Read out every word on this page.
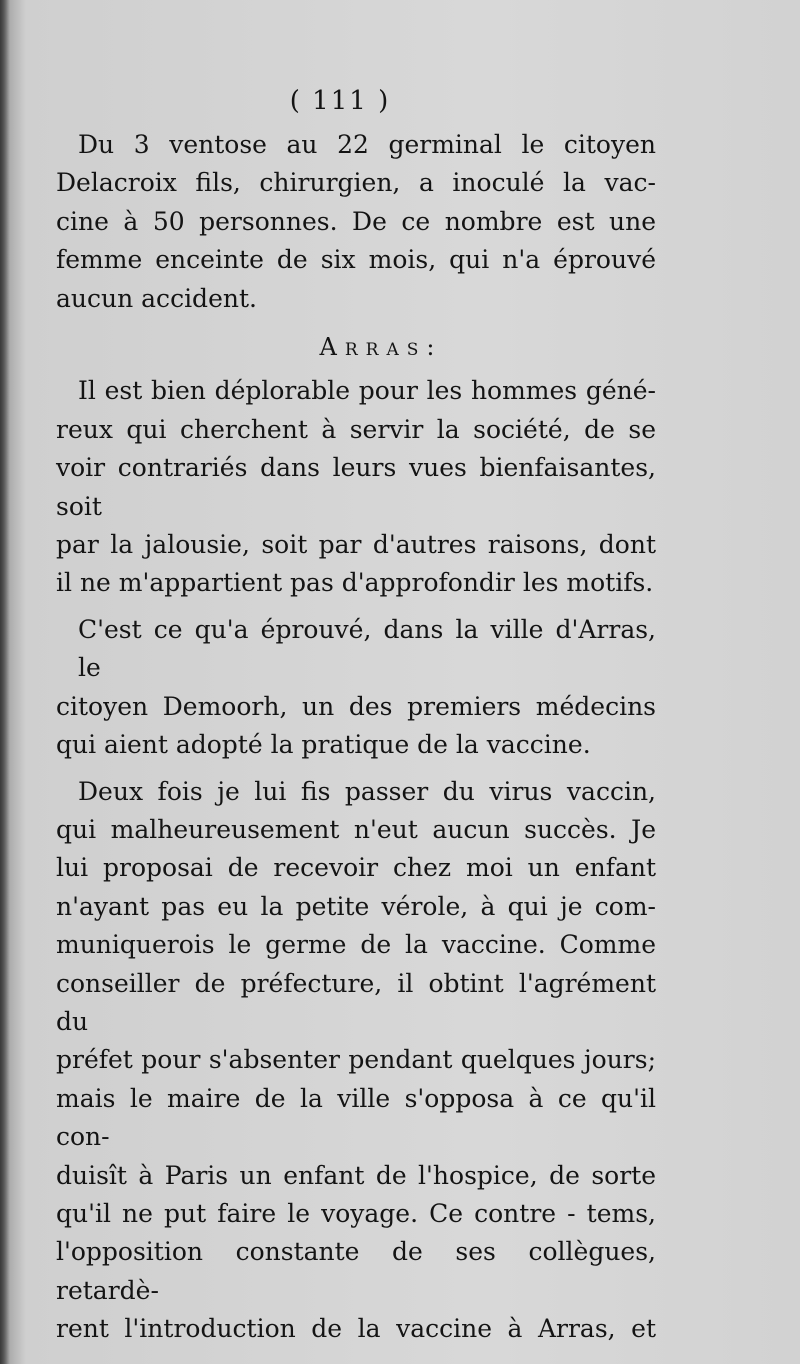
( 111 )

Du 3 ventose au 22 germinal le citoyen
Delacroix fils, chirurgien, a inoculé la vac-
cine à 50 personnes. De ce nombre est une
femme enceinte de six mois, qui n'a éprouvé
aucun accident.

Arras:

Il est bien déplorable pour les hommes géné-
reux qui cherchent à servir la société, de se
voir contrariés dans leurs vues bienfaisantes, soit
par la jalousie, soit par d'autres raisons, dont
il ne m'appartient pas d'approfondir les motifs.

C'est ce qu'a éprouvé, dans la ville d'Arras, le
citoyen Demoorh, un des premiers médecins
qui aient adopté la pratique de la vaccine.

Deux fois je lui fis passer du virus vaccin,
qui malheureusement n'eut aucun succès. Je
lui proposai de recevoir chez moi un enfant
n'ayant pas eu la petite vérole, à qui je com-
muniquerois le germe de la vaccine. Comme
conseiller de préfecture, il obtint l'agrément du
préfet pour s'absenter pendant quelques jours;
mais le maire de la ville s'opposa à ce qu'il con-
duisît à Paris un enfant de l'hospice, de sorte
qu'il ne put faire le voyage. Ce contre - tems,
l'opposition constante de ses collègues, retardè-
rent l'introduction de la vaccine à Arras, et
